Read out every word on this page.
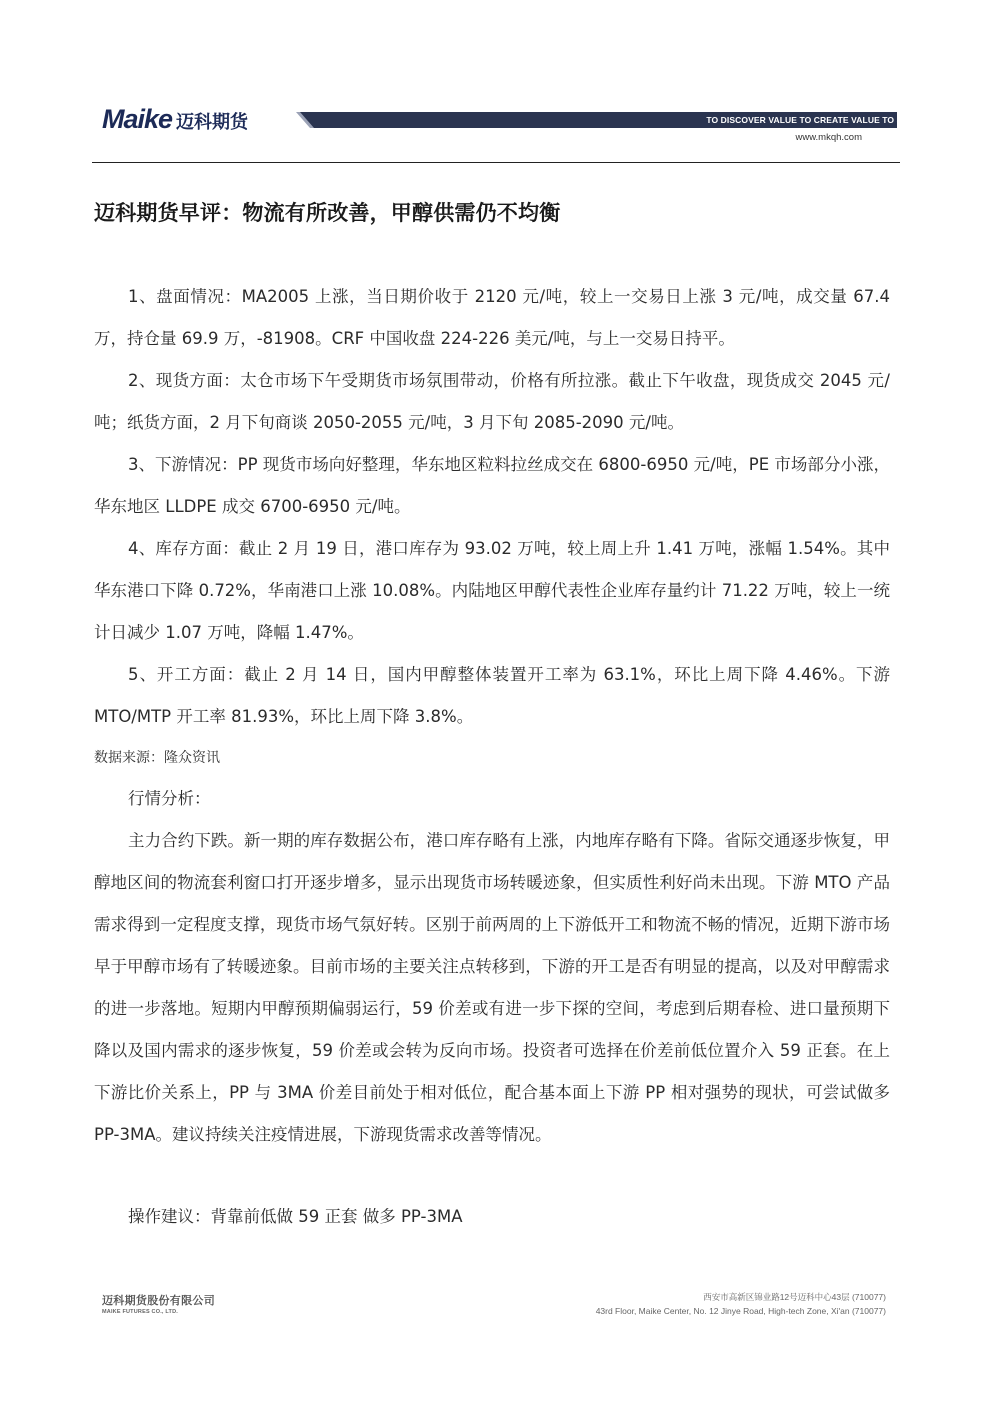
Maike 迈科期货	TO DISCOVER VALUE TO CREATE VALUE TO SHARE VALUE
www.mkqh.com
迈科期货早评：物流有所改善，甲醇供需仍不均衡

1、盘面情况：MA2005 上涨，当日期价收于 2120 元/吨，较上一交易日上涨 3 元/吨，成交量 67.4 万，持仓量 69.9 万，-81908。CRF 中国收盘 224-226 美元/吨，与上一交易日持平。

2、现货方面：太仓市场下午受期货市场氛围带动，价格有所拉涨。截止下午收盘，现货成交 2045 元/吨；纸货方面，2 月下旬商谈 2050-2055 元/吨，3 月下旬 2085-2090 元/吨。

3、下游情况：PP 现货市场向好整理，华东地区粒料拉丝成交在 6800-6950 元/吨，PE 市场部分小涨，华东地区 LLDPE 成交 6700-6950 元/吨。

4、库存方面：截止 2 月 19 日，港口库存为 93.02 万吨，较上周上升 1.41 万吨，涨幅 1.54%。其中华东港口下降 0.72%，华南港口上涨 10.08%。内陆地区甲醇代表性企业库存量约计 71.22 万吨，较上一统计日减少 1.07 万吨，降幅 1.47%。

5、开工方面：截止 2 月 14 日，国内甲醇整体装置开工率为 63.1%，环比上周下降 4.46%。下游 MTO/MTP 开工率 81.93%，环比上周下降 3.8%。

数据来源：隆众资讯

行情分析：

主力合约下跌。新一期的库存数据公布，港口库存略有上涨，内地库存略有下降。省际交通逐步恢复，甲醇地区间的物流套利窗口打开逐步增多，显示出现货市场转暖迹象，但实质性利好尚未出现。下游 MTO 产品需求得到一定程度支撑，现货市场气氛好转。区别于前两周的上下游低开工和物流不畅的情况，近期下游市场早于甲醇市场有了转暖迹象。目前市场的主要关注点转移到，下游的开工是否有明显的提高，以及对甲醇需求的进一步落地。短期内甲醇预期偏弱运行，59 价差或有进一步下探的空间，考虑到后期春检、进口量预期下降以及国内需求的逐步恢复，59 价差或会转为反向市场。投资者可选择在价差前低位置介入 59 正套。在上下游比价关系上，PP 与 3MA 价差目前处于相对低位，配合基本面上下游 PP 相对强势的现状，可尝试做多 PP-3MA。建议持续关注疫情进展，下游现货需求改善等情况。

操作建议：背靠前低做 59 正套 做多 PP-3MA

迈科期货股份有限公司
MAIKE FUTURES CO., LTD.
西安市高新区锦业路12号迈科中心43层 (710077)
43rd Floor, Maike Center, No. 12 Jinye Road, High-tech Zone, Xi'an (710077)
